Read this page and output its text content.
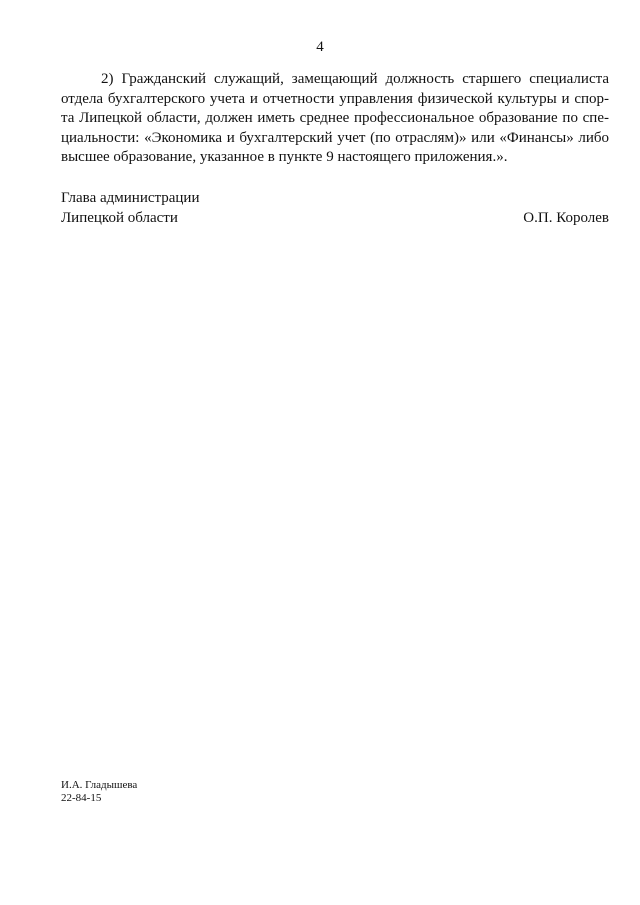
4
2) Гражданский служащий, замещающий должность старшего специалиста
отдела бухгалтерского учета и отчетности управления физической культуры и спор-
та Липецкой области, должен иметь среднее профессиональное образование по спе-
циальности: «Экономика и бухгалтерский учет (по отраслям)» или «Финансы» либо
высшее образование, указанное в пункте 9 настоящего приложения.».
Глава администрации
Липецкой области	О.П. Королев
И.А. Гладышева
22-84-15
